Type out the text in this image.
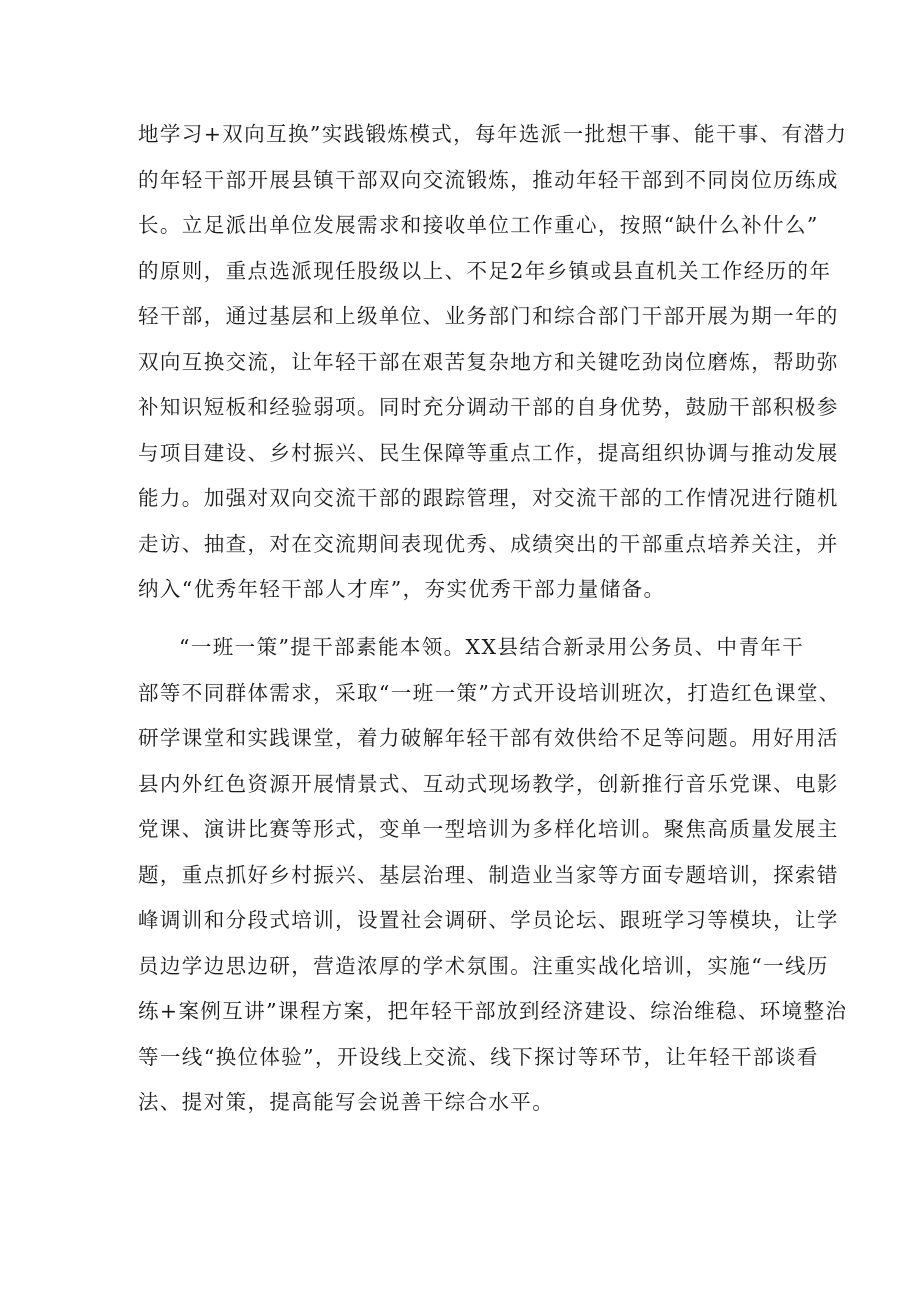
地学习+双向互换”实践锻炼模式，每年选派一批想干事、能干事、有潜力
的年轻干部开展县镇干部双向交流锻炼，推动年轻干部到不同岗位历练成
长。立足派出单位发展需求和接收单位工作重心，按照“缺什么补什么”
的原则，重点选派现任股级以上、不足2年乡镇或县直机关工作经历的年
轻干部，通过基层和上级单位、业务部门和综合部门干部开展为期一年的
双向互换交流，让年轻干部在艰苦复杂地方和关键吃劲岗位磨炼，帮助弥
补知识短板和经验弱项。同时充分调动干部的自身优势，鼓励干部积极参
与项目建设、乡村振兴、民生保障等重点工作，提高组织协调与推动发展
能力。加强对双向交流干部的跟踪管理，对交流干部的工作情况进行随机
走访、抽查，对在交流期间表现优秀、成绩突出的干部重点培养关注，并
纳入“优秀年轻干部人才库”，夯实优秀干部力量储备。
“一班一策”提干部素能本领。XX县结合新录用公务员、中青年干
部等不同群体需求，采取“一班一策”方式开设培训班次，打造红色课堂、
研学课堂和实践课堂，着力破解年轻干部有效供给不足等问题。用好用活
县内外红色资源开展情景式、互动式现场教学，创新推行音乐党课、电影
党课、演讲比赛等形式，变单一型培训为多样化培训。聚焦高质量发展主
题，重点抓好乡村振兴、基层治理、制造业当家等方面专题培训，探索错
峰调训和分段式培训，设置社会调研、学员论坛、跟班学习等模块，让学
员边学边思边研，营造浓厚的学术氛围。注重实战化培训，实施“一线历
练+案例互讲”课程方案，把年轻干部放到经济建设、综治维稳、环境整治
等一线“换位体验”，开设线上交流、线下探讨等环节，让年轻干部谈看
法、提对策，提高能写会说善干综合水平。
